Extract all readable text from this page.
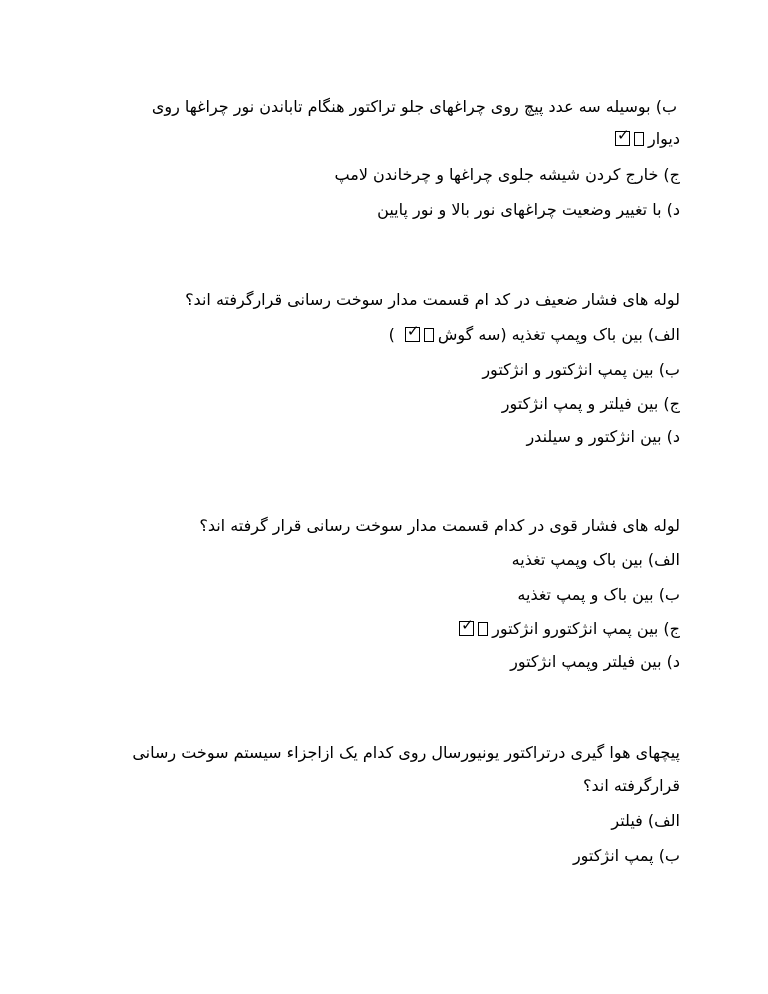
ب) بوسیله سه عدد پیچ روی چراغهای جلو تراکتور هنگام تاباندن نور چراغها روی
دیوار
✓
ج) خارج کردن شیشه جلوی چراغها و چرخاندن لامپ
د) با تغییر وضعیت چراغهای نور بالا و نور پایین
لوله های فشار ضعیف در کد ام قسمت مدار سوخت رسانی قرارگرفته اند؟
الف) بین باک وپمپ تغذیه (سه گوش
✓
)
ب) بین پمپ انژکتور و انژکتور
ج) بین فیلتر و پمپ انژکتور
د) بین انژکتور و سیلندر
لوله های فشار قوی در کدام قسمت مدار سوخت رسانی قرار گرفته اند؟
الف) بین باک وپمپ تغذیه
ب) بین باک و پمپ تغذیه
ج) بین پمپ انژکتورو انژکتور
✓
د) بین فیلتر وپمپ انژکتور
پیچهای هوا گیری درتراکتور یونیورسال روی کدام یک ازاجزاء سیستم سوخت رسانی
قرارگرفته اند؟
الف) فیلتر
ب) پمپ انژکتور
